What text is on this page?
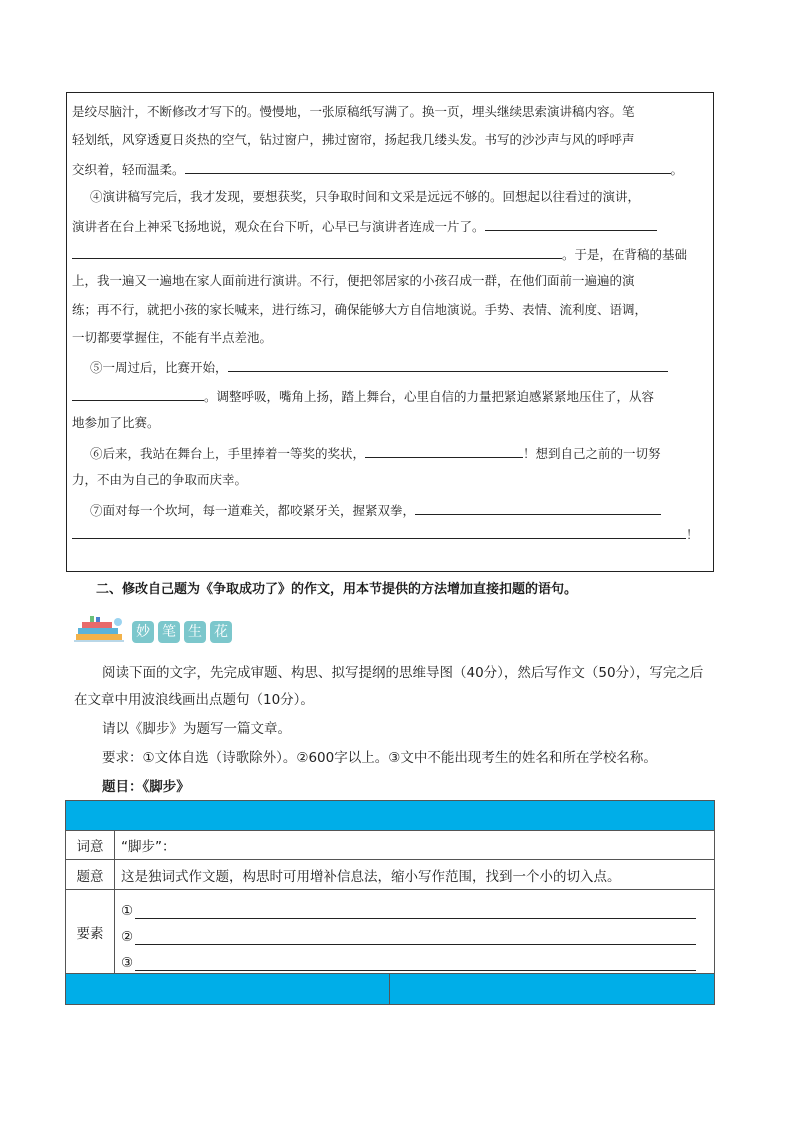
是绞尽脑汁，不断修改才写下的。慢慢地，一张原稿纸写满了。换一页，埋头继续思索演讲稿内容。笔
轻划纸，风穿透夏日炎热的空气，钻过窗户，拂过窗帘，扬起我几缕头发。书写的沙沙声与风的呼呼声
交织着，轻而温柔。	。
④演讲稿写完后，我才发现，要想获奖，只争取时间和文采是远远不够的。回想起以往看过的演讲，
演讲者在台上神采飞扬地说，观众在台下听，心早已与演讲者连成一片了。
。于是，在背稿的基础
上，我一遍又一遍地在家人面前进行演讲。不行，便把邻居家的小孩召成一群，在他们面前一遍遍的演
练；再不行，就把小孩的家长喊来，进行练习，确保能够大方自信地演说。手势、表情、流利度、语调，
一切都要掌握住，不能有半点差池。
⑤一周过后，比赛开始，
。调整呼吸，嘴角上扬，踏上舞台，心里自信的力量把紧迫感紧紧地压住了，从容
地参加了比赛。
⑥后来，我站在舞台上，手里捧着一等奖的奖状，	！想到自己之前的一切努
力，不由为自己的争取而庆幸。
⑦面对每一个坎坷，每一道难关，都咬紧牙关，握紧双拳，
！
二、修改自己题为《争取成功了》的作文，用本节提供的方法增加直接扣题的语句。
妙 笔 生 花
阅读下面的文字，先完成审题、构思、拟写提纲的思维导图（40分），然后写作文（50分），写完之后
在文章中用波浪线画出点题句（10分）。
请以《脚步》为题写一篇文章。
要求：①文体自选（诗歌除外）。②600字以上。③文中不能出现考生的姓名和所在学校名称。
题目：《脚步》

词意	“脚步”：
题意	这是独词式作文题，构思时可用增补信息法，缩小写作范围，找到一个小的切入点。
要素	①
②
③
